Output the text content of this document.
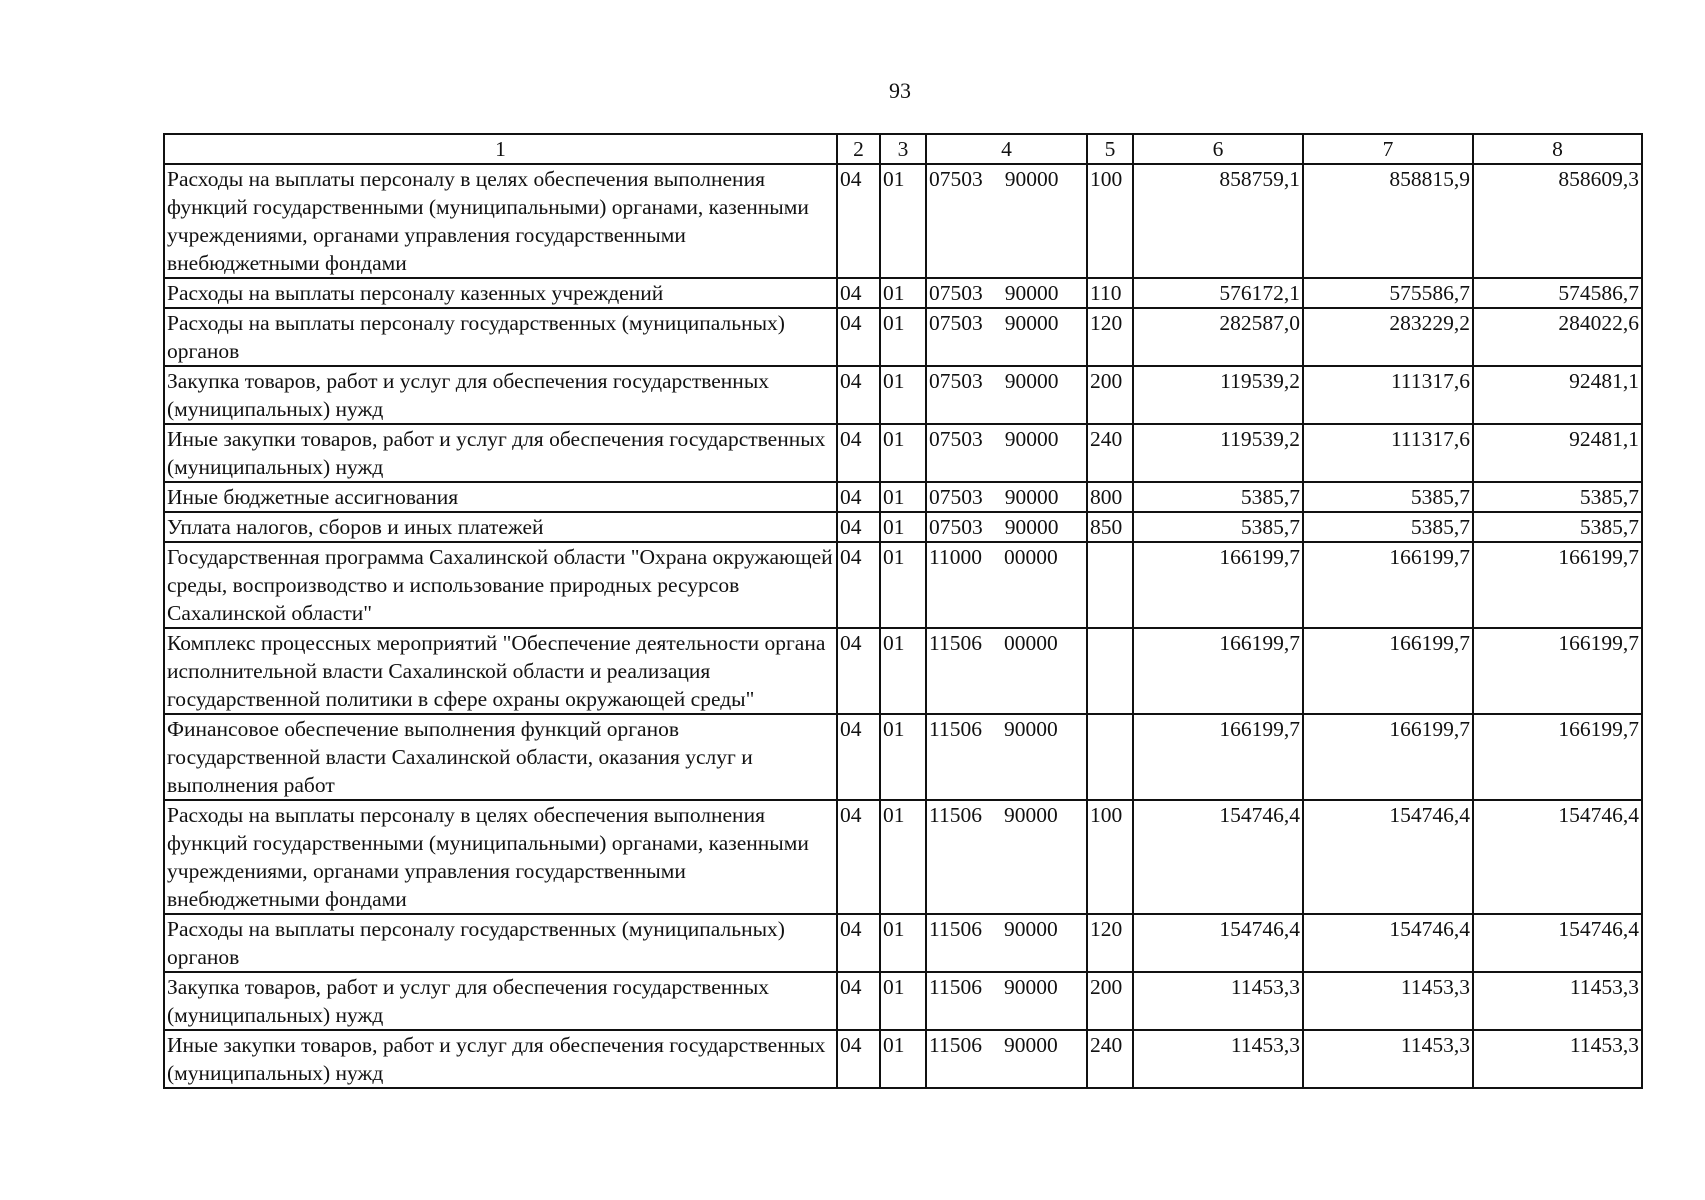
93
1	2	3	4	5	6	7	8
Расходы на выплаты персоналу в целях обеспечения выполнения функций государственными (муниципальными) органами, казенными учреждениями, органами управления государственными внебюджетными фондами	04	01	07503 90000	100	858759,1	858815,9	858609,3
Расходы на выплаты персоналу казенных учреждений	04	01	07503 90000	110	576172,1	575586,7	574586,7
Расходы на выплаты персоналу государственных (муниципальных) органов	04	01	07503 90000	120	282587,0	283229,2	284022,6
Закупка товаров, работ и услуг для обеспечения государственных (муниципальных) нужд	04	01	07503 90000	200	119539,2	111317,6	92481,1
Иные закупки товаров, работ и услуг для обеспечения государственных (муниципальных) нужд	04	01	07503 90000	240	119539,2	111317,6	92481,1
Иные бюджетные ассигнования	04	01	07503 90000	800	5385,7	5385,7	5385,7
Уплата налогов, сборов и иных платежей	04	01	07503 90000	850	5385,7	5385,7	5385,7
Государственная программа Сахалинской области "Охрана окружающей среды, воспроизводство и использование природных ресурсов Сахалинской области"	04	01	11000 00000		166199,7	166199,7	166199,7
Комплекс процессных мероприятий "Обеспечение деятельности органа исполнительной власти Сахалинской области и реализация государственной политики в сфере охраны окружающей среды"	04	01	11506 00000		166199,7	166199,7	166199,7
Финансовое обеспечение выполнения функций органов государственной власти Сахалинской области, оказания услуг и выполнения работ	04	01	11506 90000		166199,7	166199,7	166199,7
Расходы на выплаты персоналу в целях обеспечения выполнения функций государственными (муниципальными) органами, казенными учреждениями, органами управления государственными внебюджетными фондами	04	01	11506 90000	100	154746,4	154746,4	154746,4
Расходы на выплаты персоналу государственных (муниципальных) органов	04	01	11506 90000	120	154746,4	154746,4	154746,4
Закупка товаров, работ и услуг для обеспечения государственных (муниципальных) нужд	04	01	11506 90000	200	11453,3	11453,3	11453,3
Иные закупки товаров, работ и услуг для обеспечения государственных (муниципальных) нужд	04	01	11506 90000	240	11453,3	11453,3	11453,3
